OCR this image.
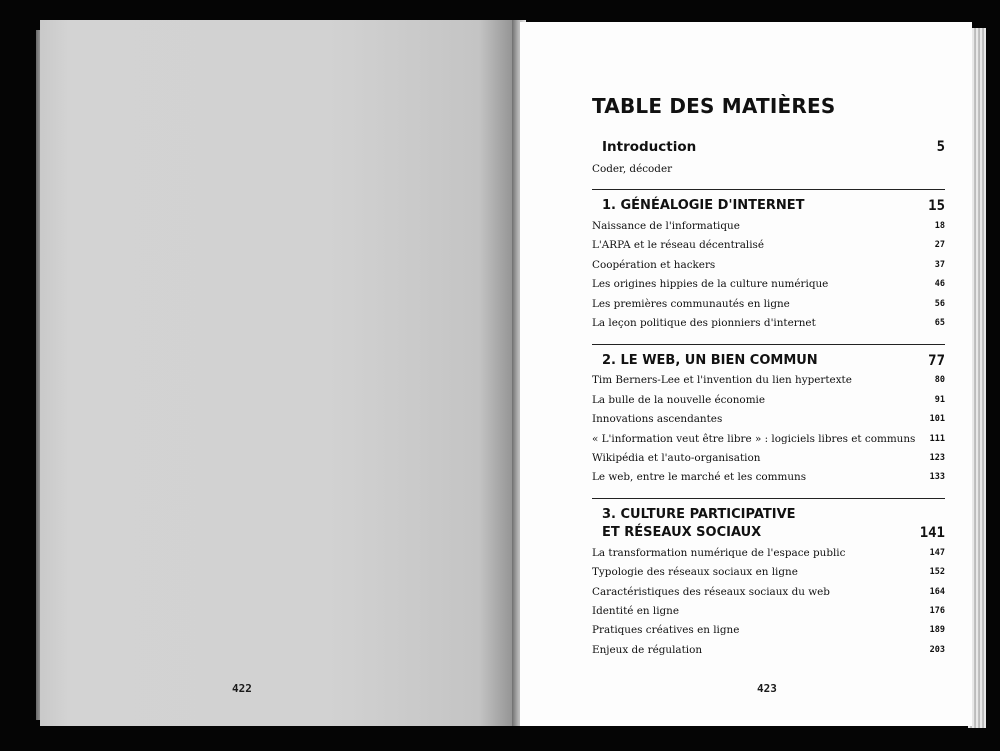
422
TABLE DES MATIÈRES
Introduction	5
Coder, décoder
1. GÉNÉALOGIE D'INTERNET	15
Naissance de l'informatique	18
L'ARPA et le réseau décentralisé	27
Coopération et hackers	37
Les origines hippies de la culture numérique	46
Les premières communautés en ligne	56
La leçon politique des pionniers d'internet	65
2. LE WEB, UN BIEN COMMUN	77
Tim Berners-Lee et l'invention du lien hypertexte	80
La bulle de la nouvelle économie	91
Innovations ascendantes	101
« L'information veut être libre » : logiciels libres et communs 111
Wikipédia et l'auto-organisation	123
Le web, entre le marché et les communs	133
3. CULTURE PARTICIPATIVE
ET RÉSEAUX SOCIAUX	141
La transformation numérique de l'espace public	147
Typologie des réseaux sociaux en ligne	152
Caractéristiques des réseaux sociaux du web	164
Identité en ligne	176
Pratiques créatives en ligne	189
Enjeux de régulation	203
423
